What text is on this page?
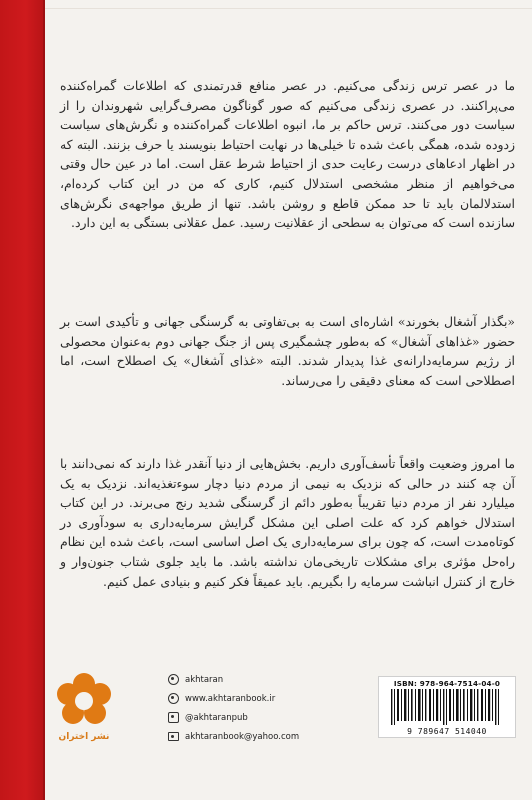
ما در عصر ترس زندگی می‌کنیم. در عصر منافع قدرتمندی که اطلاعات گمراه‌کننده می‌پراکنند. در عصری زندگی می‌کنیم که صور گوناگون مصرف‌گرایی شهروندان را از سیاست دور می‌کنند. ترس حاکم بر ما، انبوه اطلاعات گمراه‌کننده و نگرش‌های سیاست زدوده شده، همگی باعث شده تا خیلی‌ها در نهایت احتیاط بنویسند یا حرف بزنند. البته که در اظهار ادعاهای درست رعایت حدی از احتیاط شرط عقل است. اما در عین حال وقتی می‌خواهیم از منظر مشخصی استدلال کنیم، کاری که من در این کتاب کرده‌ام، استدلالمان باید تا حد ممکن قاطع و روشن باشد. تنها از طریق مواجهه‌ی نگرش‌های سازنده است که می‌توان به سطحی از عقلانیت رسید. عمل عقلانی بستگی به این دارد.

«بگذار آشغال بخورند» اشاره‌ای است به بی‌تفاوتی به گرسنگی جهانی و تأکیدی است بر حضور «غذاهای آشغال» که به‌طور چشمگیری پس از جنگ جهانی دوم به‌عنوان محصولی از رژیم سرمایه‌دارانه‌ی غذا پدیدار شدند. البته «غذای آشغال» یک اصطلاح است، اما اصطلاحی است که معنای دقیقی را می‌رساند.

ما امروز وضعیت واقعاً تأسف‌آوری داریم. بخش‌هایی از دنیا آنقدر غذا دارند که نمی‌دانند با آن چه کنند در حالی که نزدیک به نیمی از مردم دنیا دچار سوءتغذیه‌اند. نزدیک به یک میلیارد نفر از مردم دنیا تقریباً به‌طور دائم از گرسنگی شدید رنج می‌برند. در این کتاب استدلال خواهم کرد که علت اصلی این مشکل گرایش سرمایه‌داری به سودآوری در کوتاه‌مدت است، که چون برای سرمایه‌داری یک اصل اساسی است، باعث شده این نظام راه‌حل مؤثری برای مشکلات تاریخی‌مان نداشته باشد. ما باید جلوی شتاب جنون‌وار و خارج از کنترل انباشت سرمایه را بگیریم. باید عمیقاً فکر کنیم و بنیادی عمل کنیم.

نشر اختران
akhtaran
www.akhtaranbook.ir
@akhtaranpub
akhtaranbook@yahoo.com
ISBN: 978-964-7514-04-0
9 789647 514040
